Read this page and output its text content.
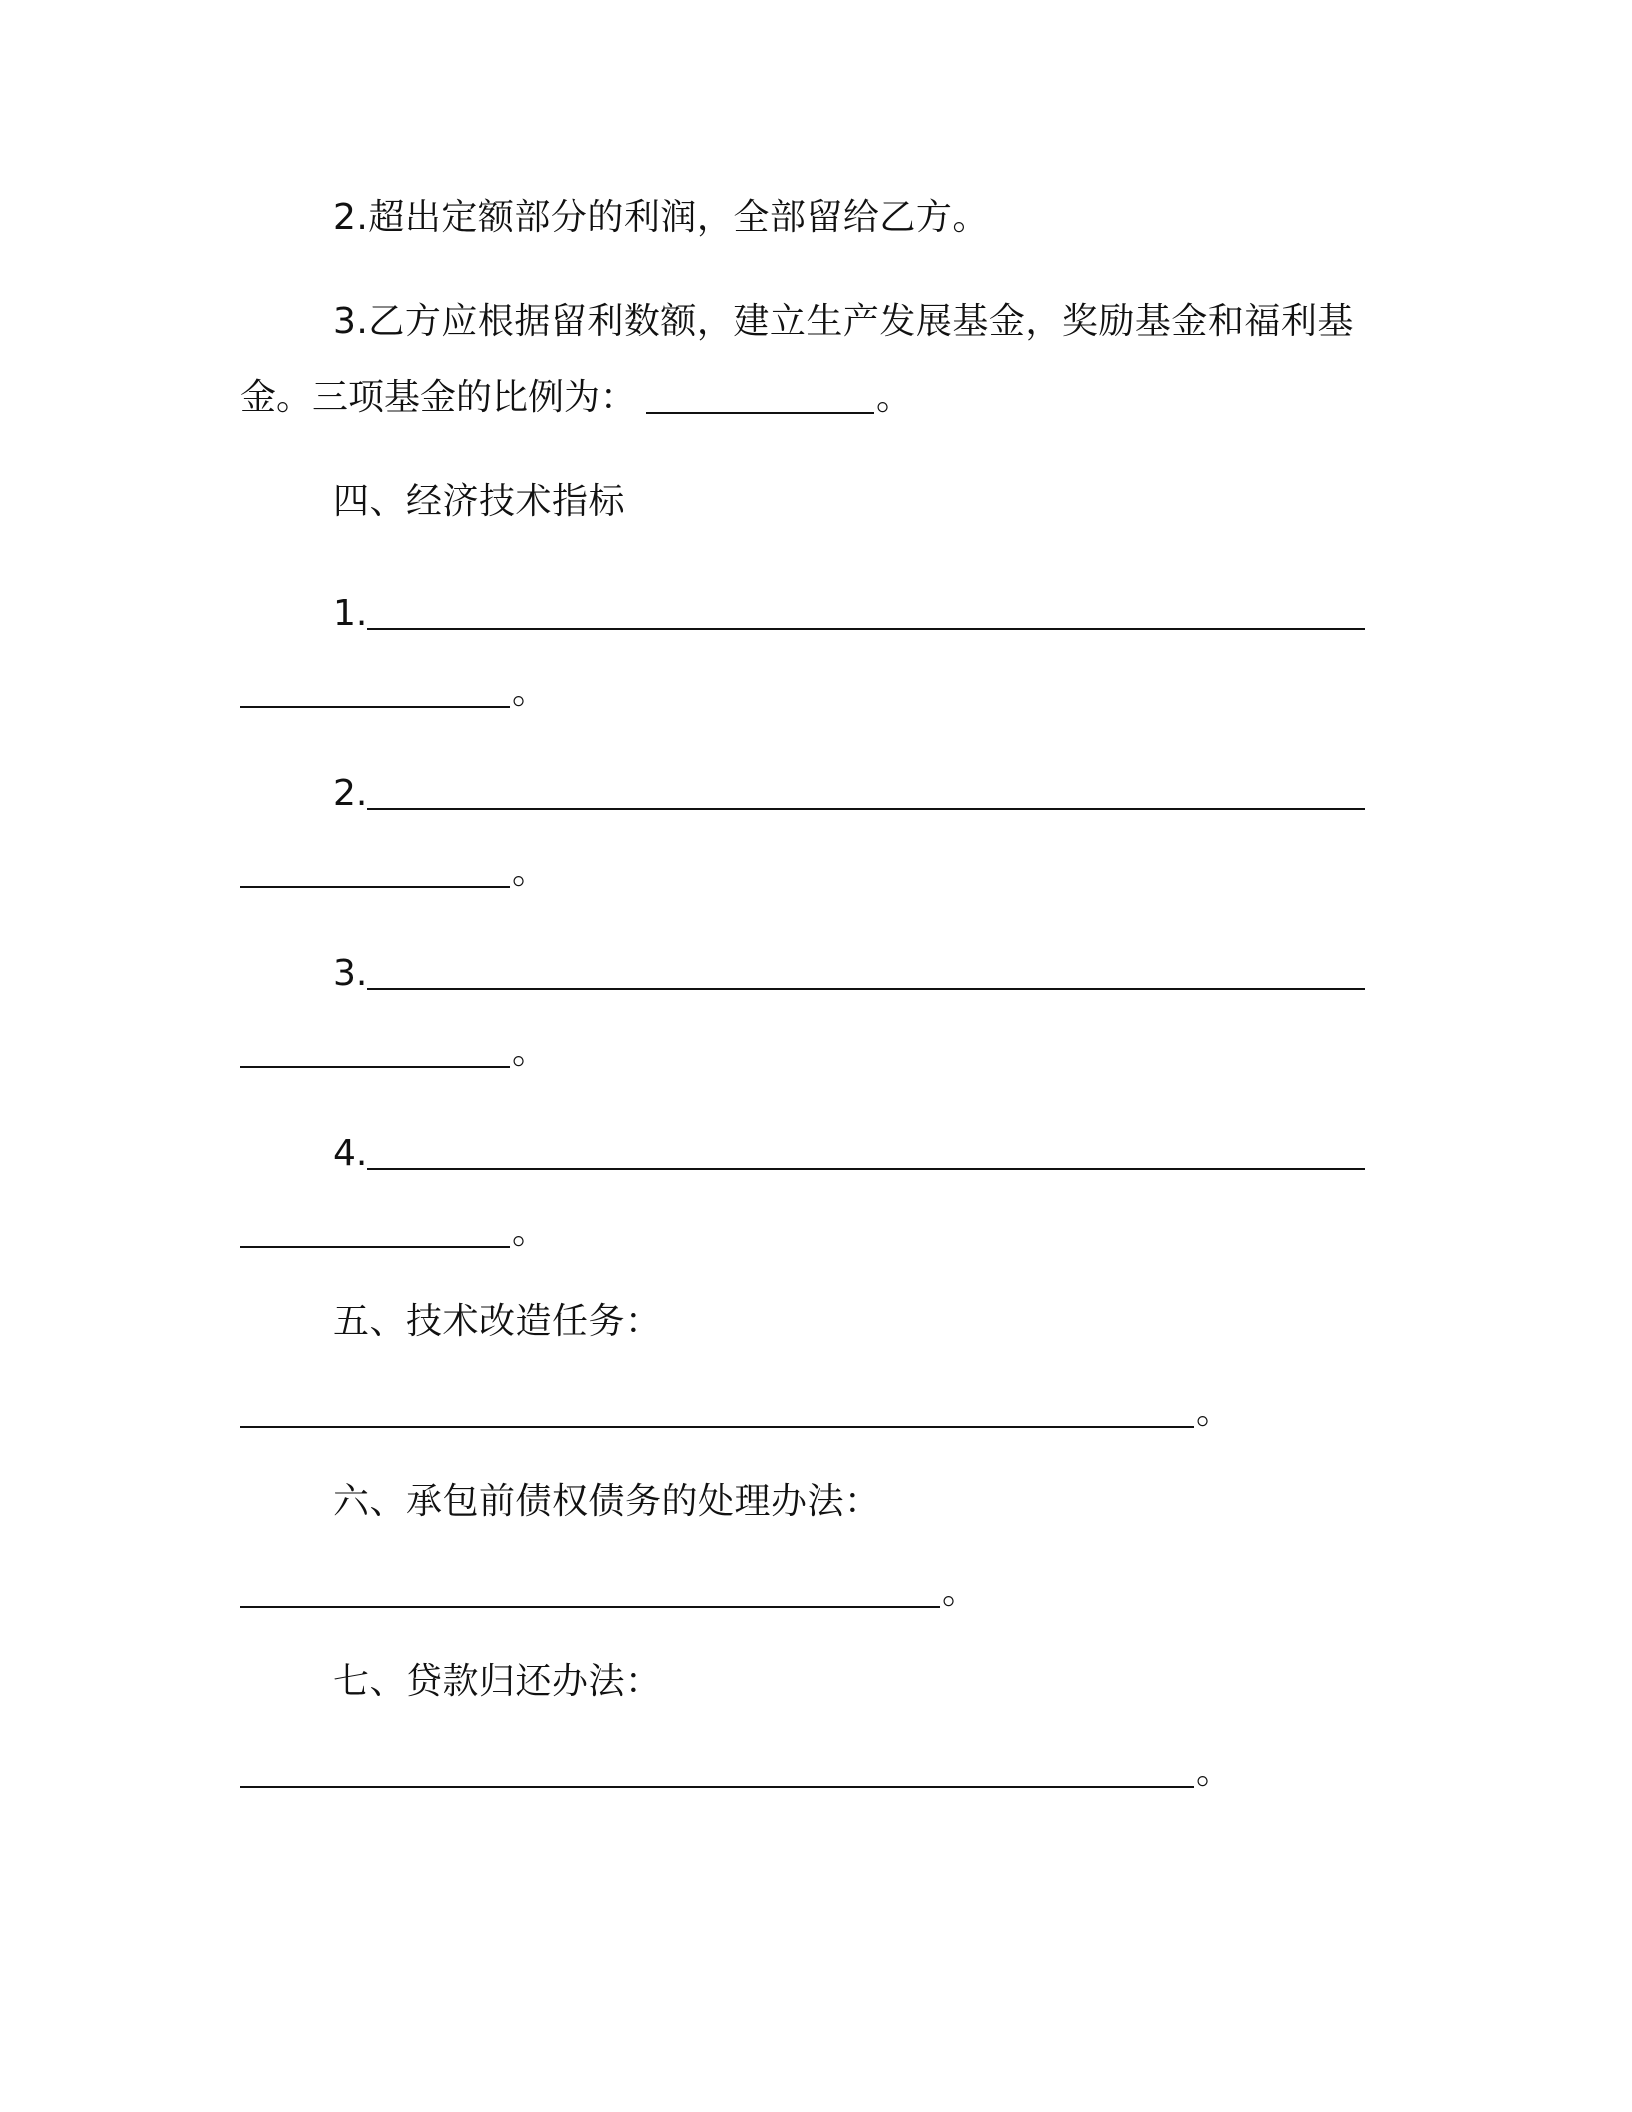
2.超出定额部分的利润，全部留给乙方。
3.乙方应根据留利数额，建立生产发展基金，奖励基金和福利基
金。三项基金的比例为：	。
四、经济技术指标
1.
。
2.
。
3.
。
4.
。
五、技术改造任务：
。
六、承包前债权债务的处理办法：
。
七、贷款归还办法：
。
